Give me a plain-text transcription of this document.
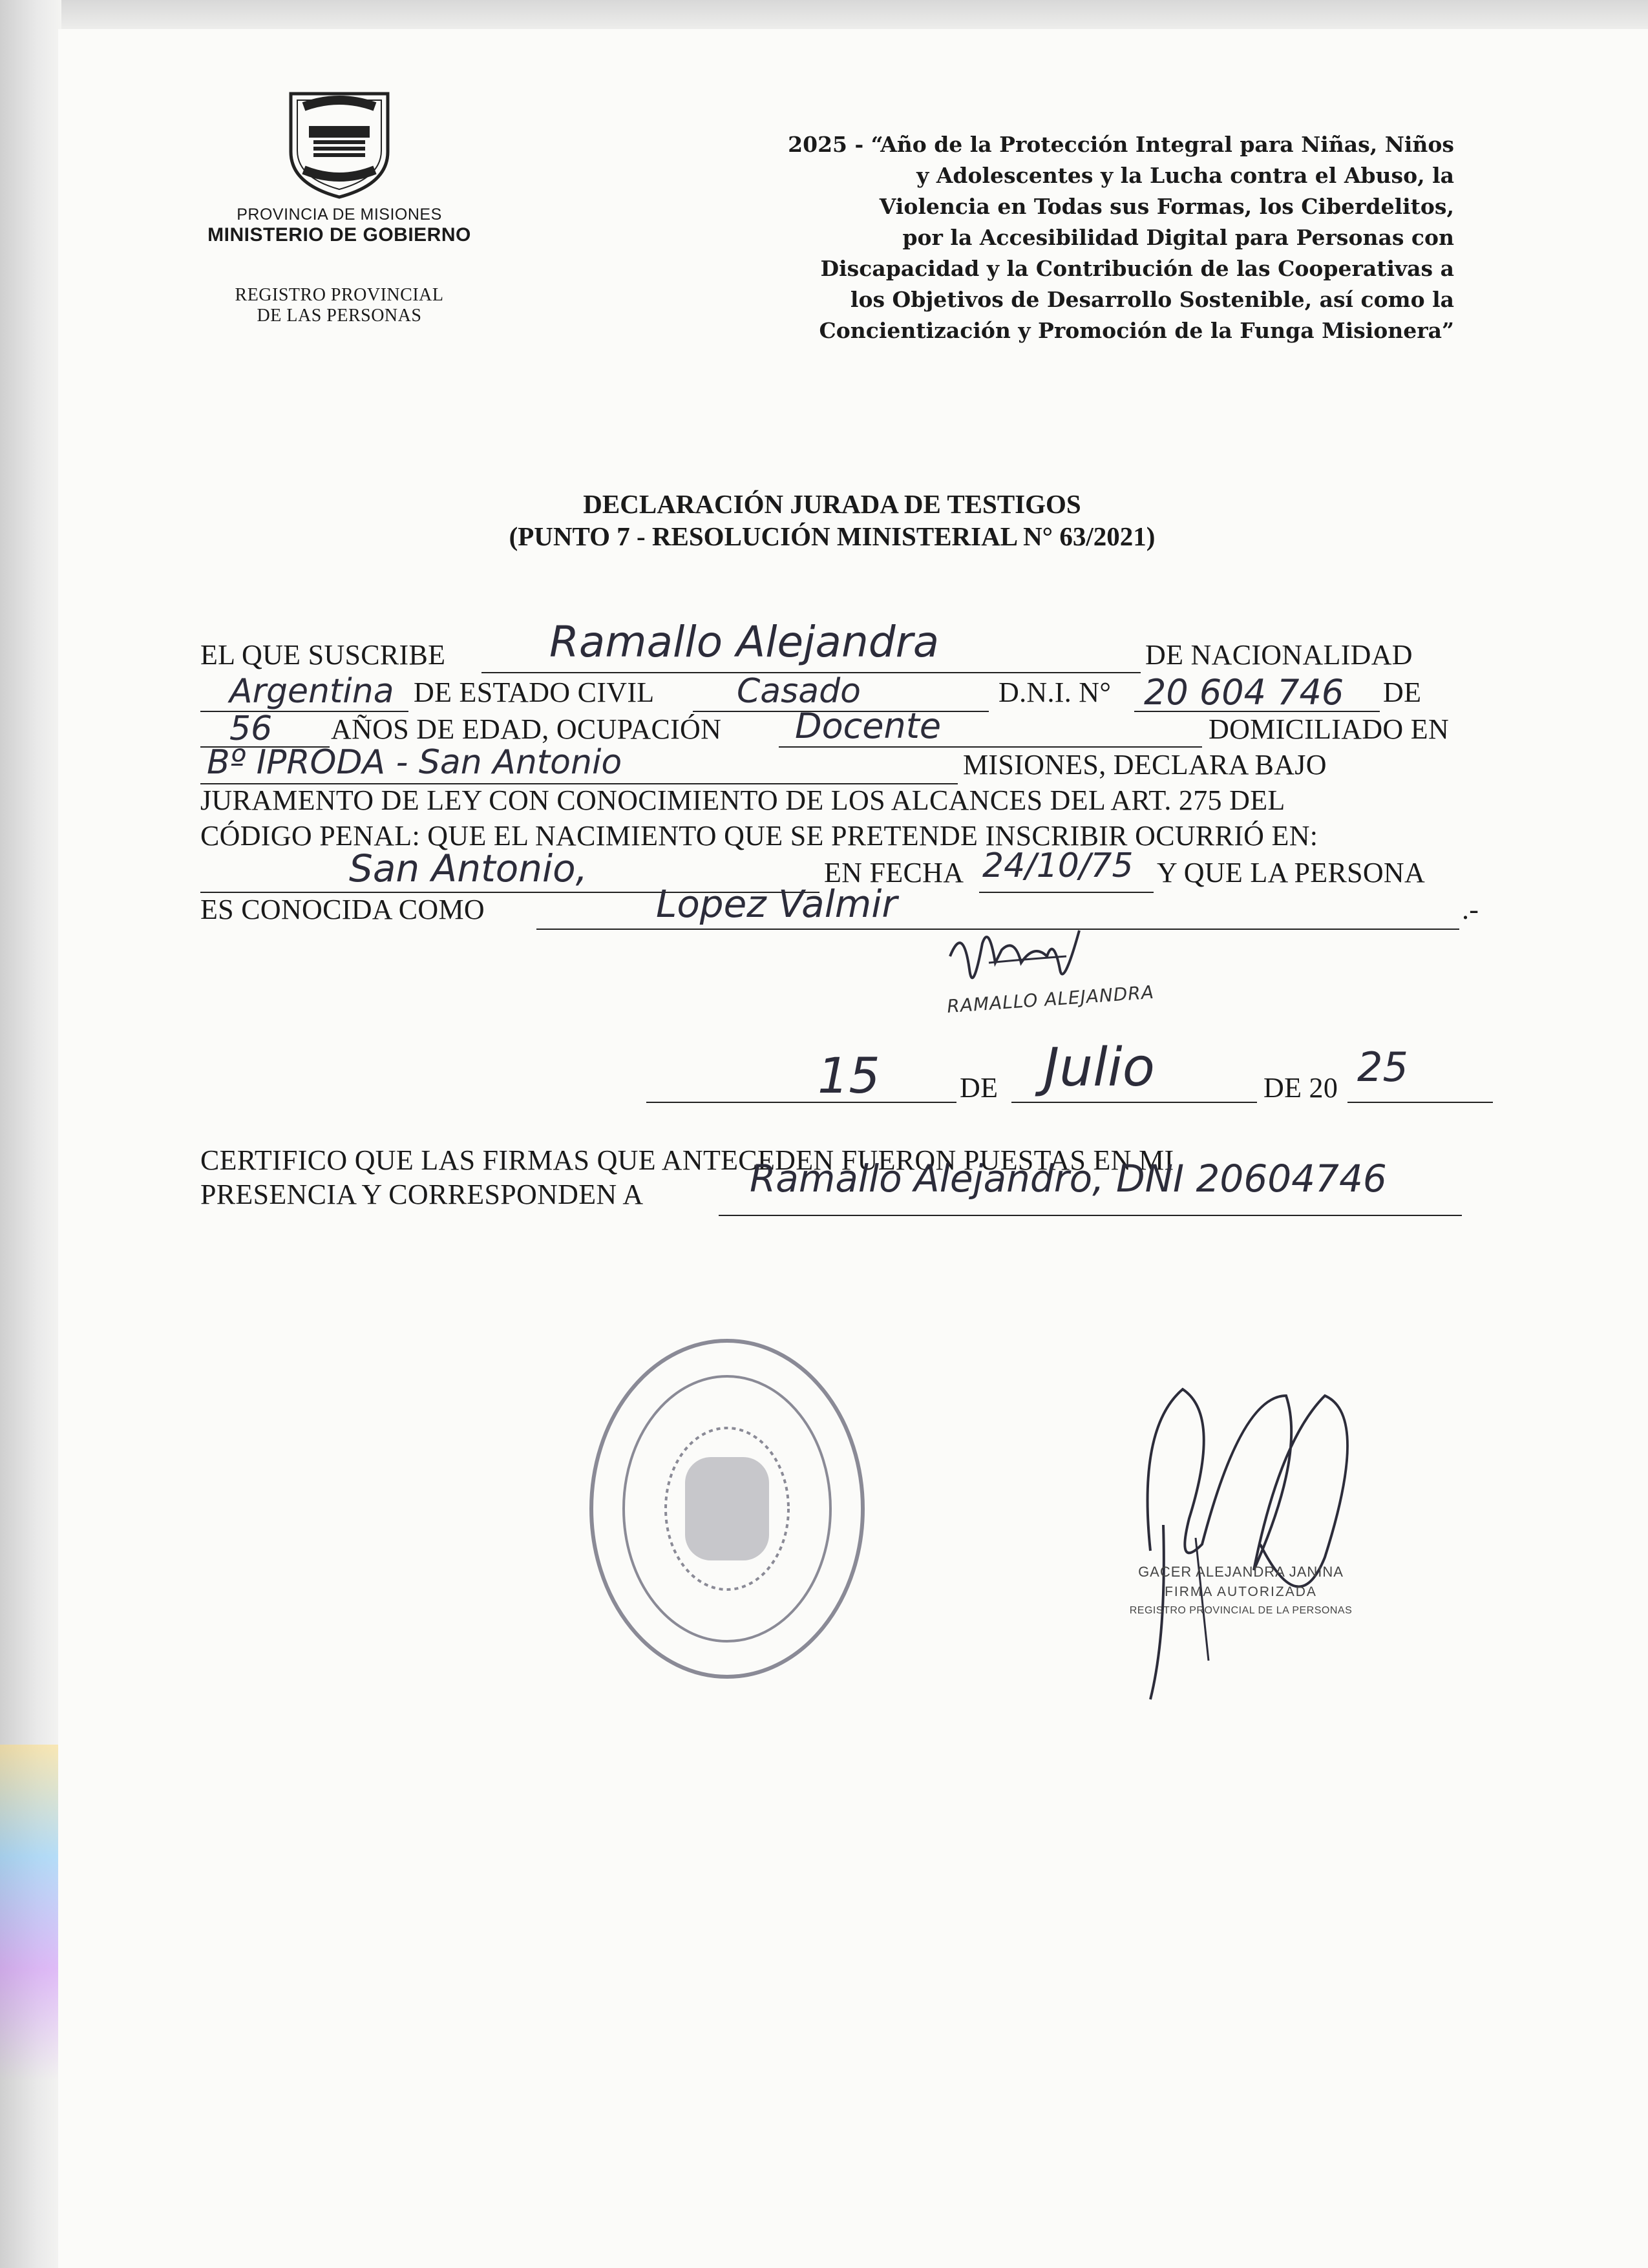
PROVINCIA DE MISIONES
MINISTERIO DE GOBIERNO
REGISTRO PROVINCIAL
DE LAS PERSONAS
2025 - “Año de la Protección Integral para Niñas, Niños
y Adolescentes y la Lucha contra el Abuso, la
Violencia en Todas sus Formas, los Ciberdelitos,
por la Accesibilidad Digital para Personas con
Discapacidad y la Contribución de las Cooperativas a
los Objetivos de Desarrollo Sostenible, así como la
Concientización y Promoción de la Funga Misionera”
DECLARACIÓN JURADA DE TESTIGOS
(PUNTO 7 - RESOLUCIÓN MINISTERIAL N° 63/2021)
EL QUE SUSCRIBE	Ramallo Alejandra	DE NACIONALIDAD
Argentina DE ESTADO CIVIL	Casado	D.N.I. N° 20 604 746 DE
56 AÑOS DE EDAD, OCUPACIÓN	Docente	DOMICILIADO EN
Bº IPRODA - San Antonio	MISIONES, DECLARA BAJO
JURAMENTO DE LEY CON CONOCIMIENTO DE LOS ALCANCES DEL ART. 275 DEL
CÓDIGO PENAL: QUE EL NACIMIENTO QUE SE PRETENDE INSCRIBIR OCURRIÓ EN:
San Antonio,	EN FECHA 24/10/75 Y QUE LA PERSONA
ES CONOCIDA COMO	Lopez Valmir	.-
RAMALLO ALEJANDRA
15	DE Julio	DE 20 25
CERTIFICO QUE LAS FIRMAS QUE ANTECEDEN FUERON PUESTAS EN MI
PRESENCIA Y CORRESPONDEN A	Ramallo Alejandro, DNI 20604746
GACER ALEJANDRA JANINA
FIRMA AUTORIZADA
REGISTRO PROVINCIAL DE LA PERSONAS
